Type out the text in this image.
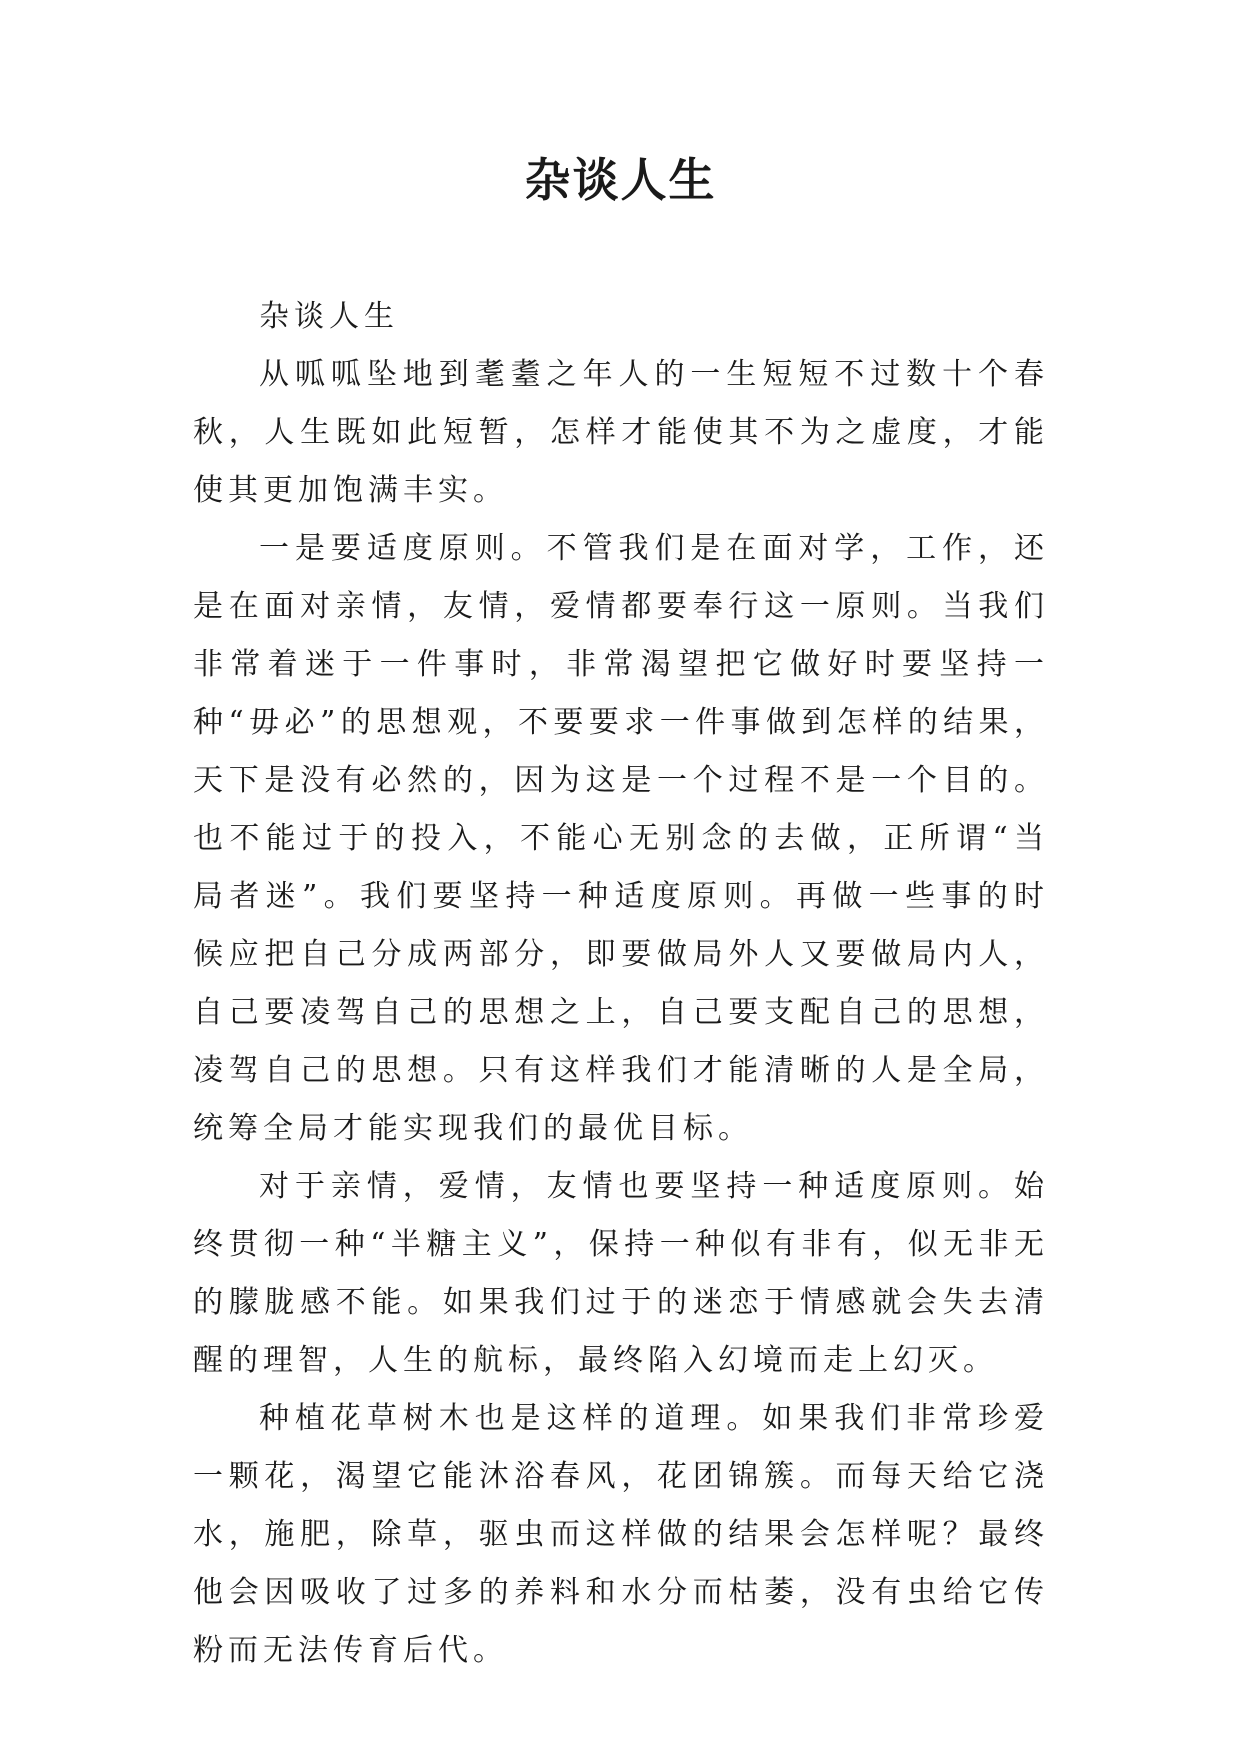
杂谈人生

杂谈人生

从呱呱坠地到耄耋之年人的一生短短不过数十个春秋，人生既如此短暂，怎样才能使其不为之虚度，才能使其更加饱满丰实。

一是要适度原则。不管我们是在面对学，工作，还是在面对亲情，友情，爱情都要奉行这一原则。当我们非常着迷于一件事时，非常渴望把它做好时要坚持一种“毋必”的思想观，不要要求一件事做到怎样的结果，天下是没有必然的，因为这是一个过程不是一个目的。也不能过于的投入，不能心无别念的去做，正所谓“当局者迷”。我们要坚持一种适度原则。再做一些事的时候应把自己分成两部分，即要做局外人又要做局内人，自己要凌驾自己的思想之上，自己要支配自己的思想，凌驾自己的思想。只有这样我们才能清晰的人是全局，统筹全局才能实现我们的最优目标。

对于亲情，爱情，友情也要坚持一种适度原则。始终贯彻一种“半糖主义”，保持一种似有非有，似无非无的朦胧感不能。如果我们过于的迷恋于情感就会失去清醒的理智，人生的航标，最终陷入幻境而走上幻灭。

种植花草树木也是这样的道理。如果我们非常珍爱一颗花，渴望它能沐浴春风，花团锦簇。而每天给它浇水，施肥，除草，驱虫而这样做的结果会怎样呢？最终他会因吸收了过多的养料和水分而枯萎，没有虫给它传粉而无法传育后代。
